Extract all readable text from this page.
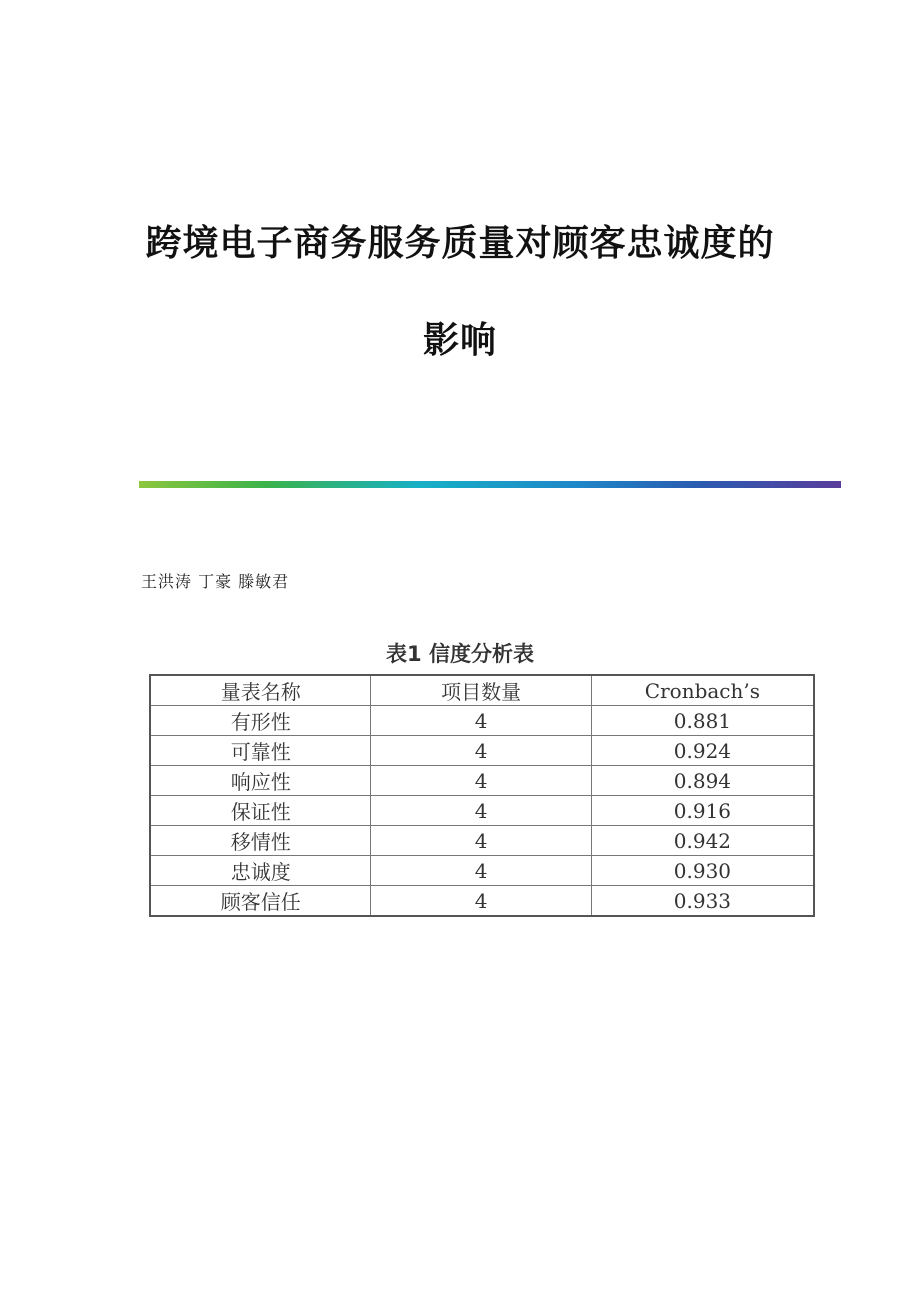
跨境电子商务服务质量对顾客忠诚度的
影响
王洪涛 丁豪 滕敏君
表1 信度分析表
量表名称	项目数量	Cronbach’s
有形性	4	0.881
可靠性	4	0.924
响应性	4	0.894
保证性	4	0.916
移情性	4	0.942
忠诚度	4	0.930
顾客信任	4	0.933
